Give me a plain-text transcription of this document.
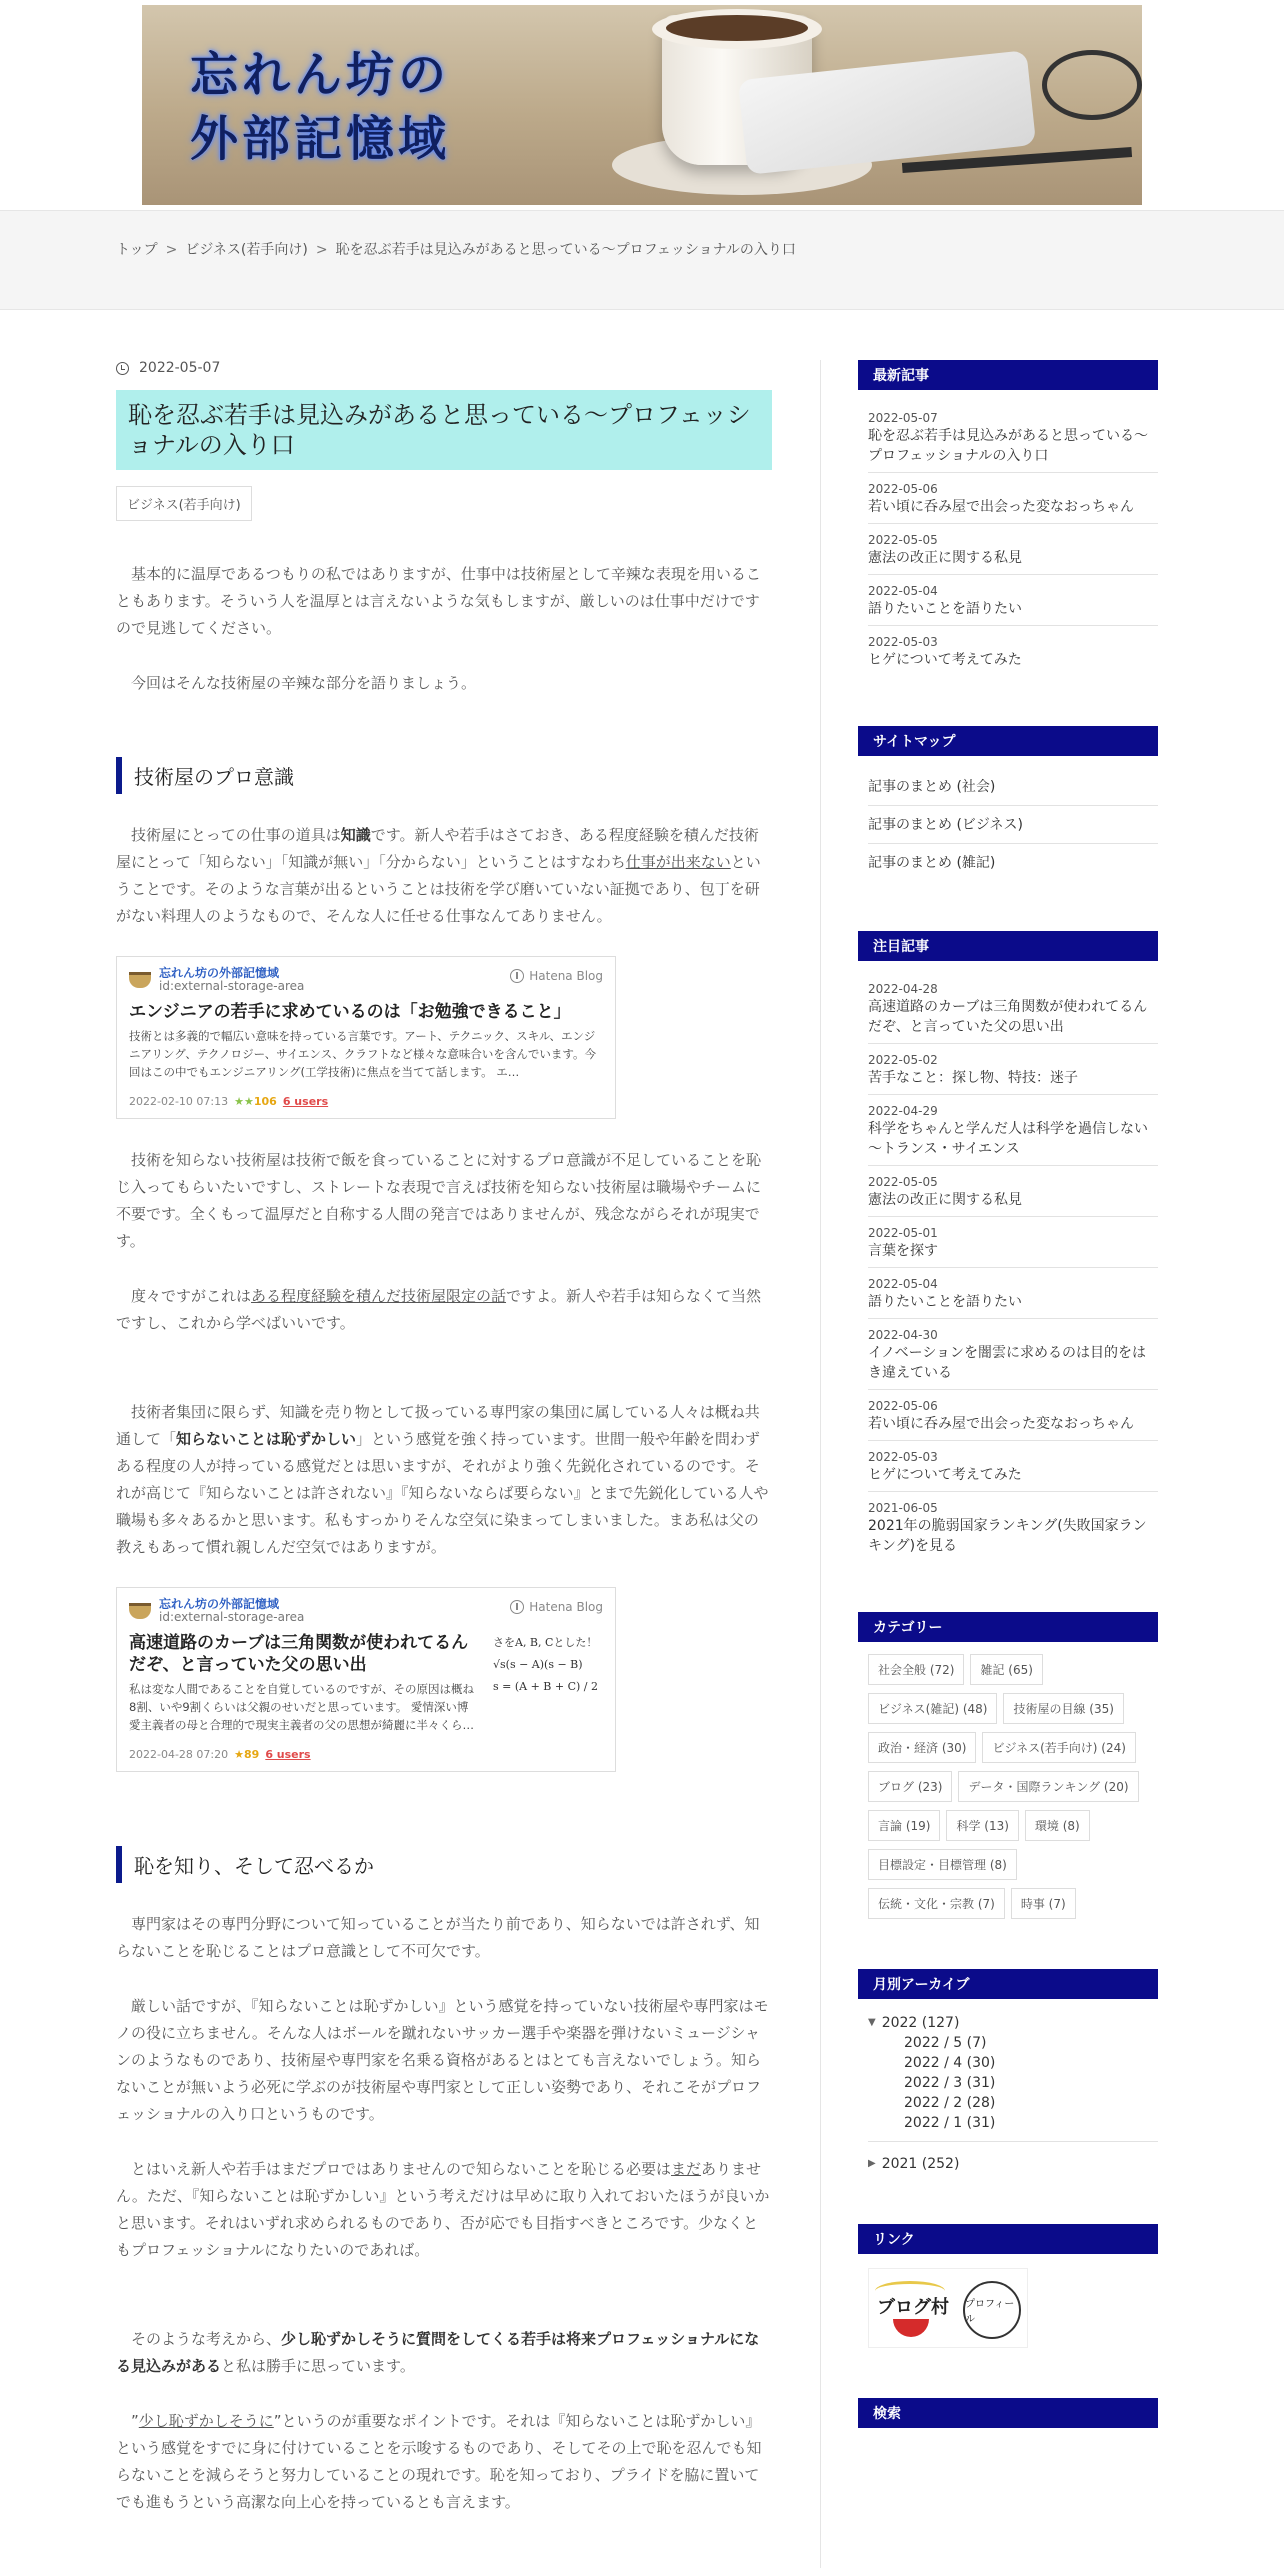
忘れん坊の
外部記憶域
トップ > ビジネス(若手向け) > 恥を忍ぶ若手は見込みがあると思っている～プロフェッショナルの入り口
2022-05-07
恥を忍ぶ若手は見込みがあると思っている～プロフェッショナルの入り口
ビジネス(若手向け)

基本的に温厚であるつもりの私ではありますが、仕事中は技術屋として辛辣な表現を用いることもあります。そういう人を温厚とは言えないような気もしますが、厳しいのは仕事中だけですので見逃してください。

今回はそんな技術屋の辛辣な部分を語りましょう。

技術屋のプロ意識

技術屋にとっての仕事の道具は知識です。新人や若手はさておき、ある程度経験を積んだ技術屋にとって「知らない」「知識が無い」「分からない」ということはすなわち仕事が出来ないということです。そのような言葉が出るということは技術を学び磨いていない証拠であり、包丁を研がない料理人のようなもので、そんな人に任せる仕事なんてありません。

忘れん坊の外部記憶域
id:external-storage-area
Hatena Blog
エンジニアの若手に求めているのは「お勉強できること」
技術とは多義的で幅広い意味を持っている言葉です。アート、テクニック、スキル、エンジニアリング、テクノロジー、サイエンス、クラフトなど様々な意味合いを含んでいます。今回はこの中でもエンジニアリング(工学技術)に焦点を当てて話します。 エ…
2022-02-10 07:13 ★★106 6 users

技術を知らない技術屋は技術で飯を食っていることに対するプロ意識が不足していることを恥じ入ってもらいたいですし、ストレートな表現で言えば技術を知らない技術屋は職場やチームに不要です。全くもって温厚だと自称する人間の発言ではありませんが、残念ながらそれが現実です。

度々ですがこれはある程度経験を積んだ技術屋限定の話ですよ。新人や若手は知らなくて当然ですし、これから学べばいいです。

技術者集団に限らず、知識を売り物として扱っている専門家の集団に属している人々は概ね共通して「知らないことは恥ずかしい」という感覚を強く持っています。世間一般や年齢を問わずある程度の人が持っている感覚だとは思いますが、それがより強く先鋭化されているのです。それが高じて『知らないことは許されない』『知らないならば要らない』とまで先鋭化している人や職場も多々あるかと思います。私もすっかりそんな空気に染まってしまいました。まあ私は父の教えもあって慣れ親しんだ空気ではありますが。

忘れん坊の外部記憶域
id:external-storage-area
Hatena Blog
さをA, B, Cとした！
√s(s − A)(s − B)
s = (A + B + C) / 2
高速道路のカーブは三角関数が使われてるんだぞ、と言っていた父の思い出
私は変な人間であることを自覚しているのですが、その原因は概ね8割、いや9割くらいは父親のせいだと思っています。 愛情深い博愛主義者の母と合理的で現実主義者の父の思想が綺麗に半々くら…
2022-04-28 07:20 ★89 6 users
恥を知り、そして忍べるか

専門家はその専門分野について知っていることが当たり前であり、知らないでは許されず、知らないことを恥じることはプロ意識として不可欠です。

厳しい話ですが、『知らないことは恥ずかしい』という感覚を持っていない技術屋や専門家はモノの役に立ちません。そんな人はボールを蹴れないサッカー選手や楽器を弾けないミュージシャンのようなものであり、技術屋や専門家を名乗る資格があるとはとても言えないでしょう。知らないことが無いよう必死に学ぶのが技術屋や専門家として正しい姿勢であり、それこそがプロフェッショナルの入り口というものです。

とはいえ新人や若手はまだプロではありませんので知らないことを恥じる必要はまだありません。ただ、『知らないことは恥ずかしい』という考えだけは早めに取り入れておいたほうが良いかと思います。それはいずれ求められるものであり、否が応でも目指すべきところです。少なくともプロフェッショナルになりたいのであれば。

そのような考えから、少し恥ずかしそうに質問をしてくる若手は将来プロフェッショナルになる見込みがあると私は勝手に思っています。

”少し恥ずかしそうに”というのが重要なポイントです。それは『知らないことは恥ずかしい』という感覚をすでに身に付けていることを示唆するものであり、そしてその上で恥を忍んでも知らないことを減らそうと努力していることの現れです。恥を知っており、プライドを脇に置いてでも進もうという高潔な向上心を持っているとも言えます。

最新記事
2022-05-07
恥を忍ぶ若手は見込みがあると思っている～プロフェッショナルの入り口
2022-05-06
若い頃に呑み屋で出会った変なおっちゃん
2022-05-05
憲法の改正に関する私見
2022-05-04
語りたいことを語りたい
2022-05-03
ヒゲについて考えてみた
サイトマップ
記事のまとめ (社会)
記事のまとめ (ビジネス)
記事のまとめ (雑記)
注目記事
2022-04-28
高速道路のカーブは三角関数が使われてるんだぞ、と言っていた父の思い出
2022-05-02
苦手なこと：探し物、特技：迷子
2022-04-29
科学をちゃんと学んだ人は科学を過信しない～トランス・サイエンス
2022-05-05
憲法の改正に関する私見
2022-05-01
言葉を探す
2022-05-04
語りたいことを語りたい
2022-04-30
イノベーションを闇雲に求めるのは目的をはき違えている
2022-05-06
若い頃に呑み屋で出会った変なおっちゃん
2022-05-03
ヒゲについて考えてみた
2021-06-05
2021年の脆弱国家ランキング(失敗国家ランキング)を見る
カテゴリー
社会全般 (72)	雑記 (65)
ビジネス(雑記) (48)	技術屋の目線 (35)
政治・経済 (30)	ビジネス(若手向け) (24)
ブログ (23)	データ・国際ランキング (20)
言論 (19)	科学 (13)	環境 (8)
目標設定・目標管理 (8)
伝統・文化・宗教 (7)	時事 (7)
月別アーカイブ
▼ 2022 (127)
2022 / 5 (7)
2022 / 4 (30)
2022 / 3 (31)
2022 / 2 (28)
2022 / 1 (31)
▶ 2021 (252)
リンク
ブログ村 プロフィール
検索
